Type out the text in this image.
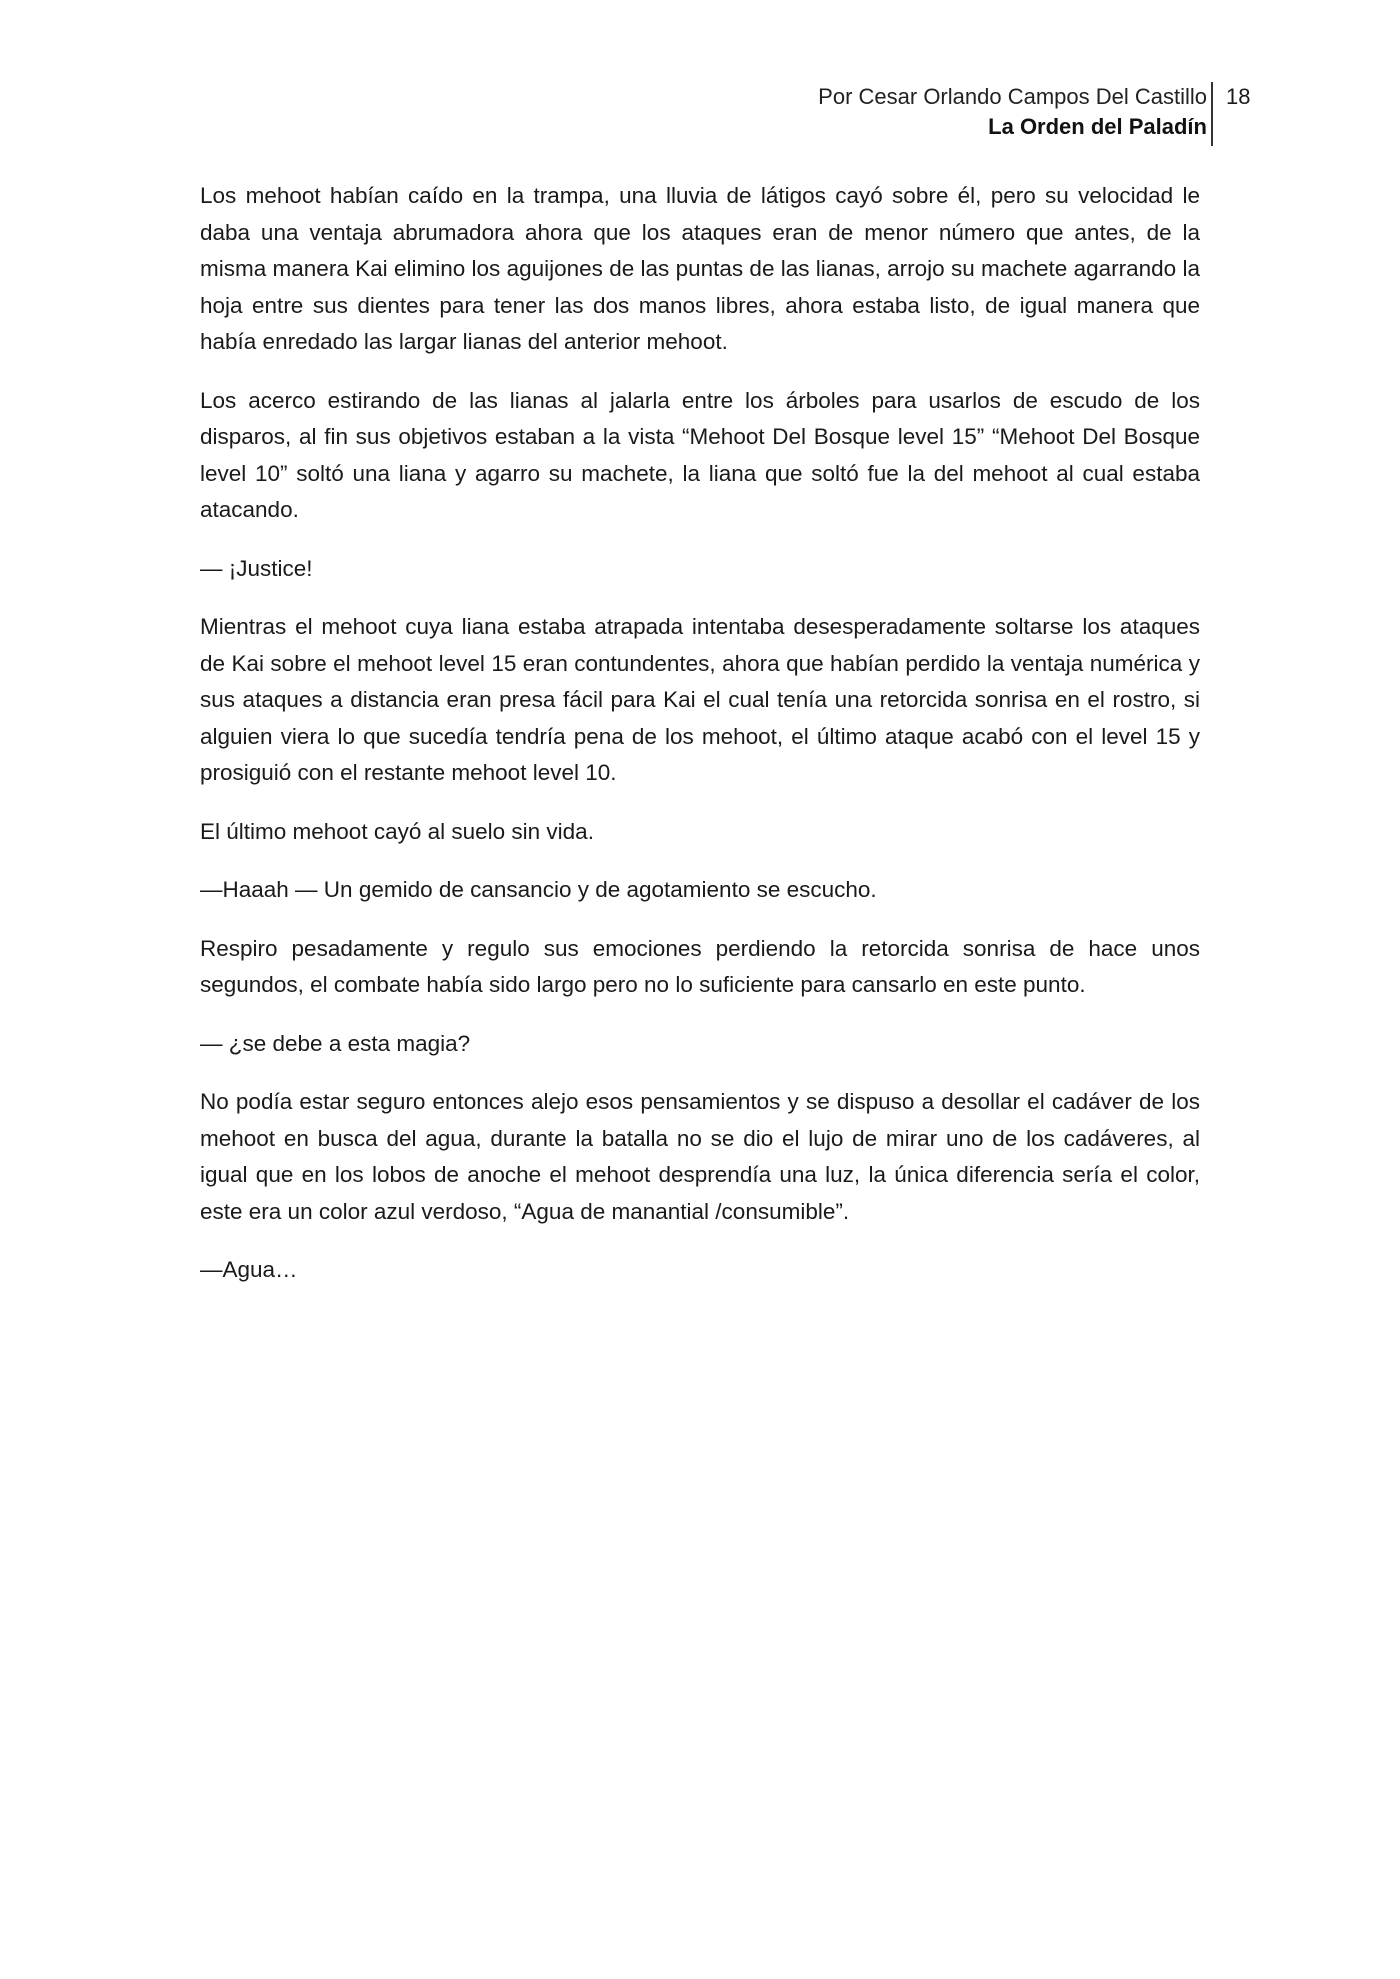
Por Cesar Orlando Campos Del Castillo
La Orden del Paladín
18

Los mehoot habían caído en la trampa, una lluvia de látigos cayó sobre él, pero su velocidad le daba una ventaja abrumadora ahora que los ataques eran de menor número que antes, de la misma manera Kai elimino los aguijones de las puntas de las lianas, arrojo su machete agarrando la hoja entre sus dientes para tener las dos manos libres, ahora estaba listo, de igual manera que había enredado las largar lianas del anterior mehoot.

Los acerco estirando de las lianas al jalarla entre los árboles para usarlos de escudo de los disparos, al fin sus objetivos estaban a la vista “Mehoot Del Bosque level 15” “Mehoot Del Bosque level 10” soltó una liana y agarro su machete, la liana que soltó fue la del mehoot al cual estaba atacando.

— ¡Justice!

Mientras el mehoot cuya liana estaba atrapada intentaba desesperadamente soltarse los ataques de Kai sobre el mehoot level 15 eran contundentes, ahora que habían perdido la ventaja numérica y sus ataques a distancia eran presa fácil para Kai el cual tenía una retorcida sonrisa en el rostro, si alguien viera lo que sucedía tendría pena de los mehoot, el último ataque acabó con el level 15 y prosiguió con el restante mehoot level 10.

El último mehoot cayó al suelo sin vida.

—Haaah — Un gemido de cansancio y de agotamiento se escucho.

Respiro pesadamente y regulo sus emociones perdiendo la retorcida sonrisa de hace unos segundos, el combate había sido largo pero no lo suficiente para cansarlo en este punto.

— ¿se debe a esta magia?

No podía estar seguro entonces alejo esos pensamientos y se dispuso a desollar el cadáver de los mehoot en busca del agua, durante la batalla no se dio el lujo de mirar uno de los cadáveres, al igual que en los lobos de anoche el mehoot desprendía una luz, la única diferencia sería el color, este era un color azul verdoso, “Agua de manantial /consumible”.

—Agua…
